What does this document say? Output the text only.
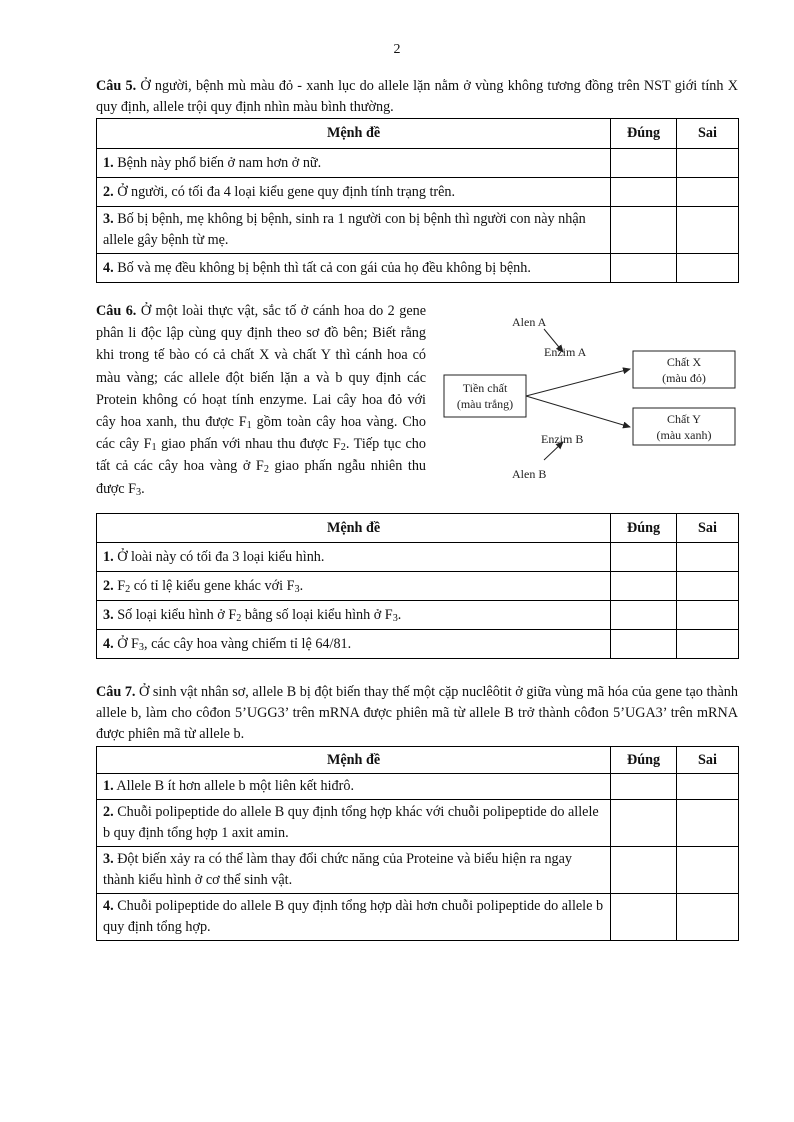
2
Câu 5. Ở người, bệnh mù màu đỏ - xanh lục do allele lặn nằm ở vùng không tương đồng trên NST giới tính X quy định, allele trội quy định nhìn màu bình thường.
Mệnh đề	Đúng	Sai
1. Bệnh này phổ biến ở nam hơn ở nữ.		
2. Ở người, có tối đa 4 loại kiểu gene quy định tính trạng trên.		
3. Bố bị bệnh, mẹ không bị bệnh, sinh ra 1 người con bị bệnh thì người con này nhận allele gây bệnh từ mẹ.		
4. Bố và mẹ đều không bị bệnh thì tất cả con gái của họ đều không bị bệnh.		
Câu 6. Ở một loài thực vật, sắc tố ở cánh hoa do 2 gene phân li độc lập cùng quy định theo sơ đồ bên; Biết rằng khi trong tế bào có cả chất X và chất Y thì cánh hoa có màu vàng; các allele đột biến lặn a và b quy định các Protein không có hoạt tính enzyme. Lai cây hoa đỏ với cây hoa xanh, thu được $F_1$ gồm toàn cây hoa vàng. Cho các cây $F_1$ giao phấn với nhau thu được $F_2$. Tiếp tục cho tất cả các cây hoa vàng ở $F_2$ giao phấn ngẫu nhiên thu được $F_3$.
Tiền chất
(màu trắng)
Chất X
(màu đỏ)
Chất Y
(màu xanh)
Alen A
Enzim A
Enzim B
Alen B
Mệnh đề	Đúng	Sai
1. Ở loài này có tối đa 3 loại kiểu hình.		
2. $F_2$ có tỉ lệ kiểu gene khác với $F_3$.		
3. Số loại kiểu hình ở $F_2$ bằng số loại kiểu hình ở $F_3$.		
4. Ở $F_3$, các cây hoa vàng chiếm tỉ lệ 64/81.		
Câu 7. Ở sinh vật nhân sơ, allele B bị đột biến thay thế một cặp nuclêôtit ở giữa vùng mã hóa của gene tạo thành allele b, làm cho côđon 5’UGG3’ trên mRNA được phiên mã từ allele B trở thành côđon 5’UGA3’ trên mRNA được phiên mã từ allele b.
Mệnh đề	Đúng	Sai
1. Allele B ít hơn allele b một liên kết hiđrô.		
2. Chuỗi polipeptide do allele B quy định tổng hợp khác với chuỗi polipeptide do allele b quy định tổng hợp 1 axit amin.		
3. Đột biến xảy ra có thể làm thay đổi chức năng của Proteine và biểu hiện ra ngay thành kiểu hình ở cơ thể sinh vật.		
4. Chuỗi polipeptide do allele B quy định tổng hợp dài hơn chuỗi polipeptide do allele b quy định tổng hợp.		
